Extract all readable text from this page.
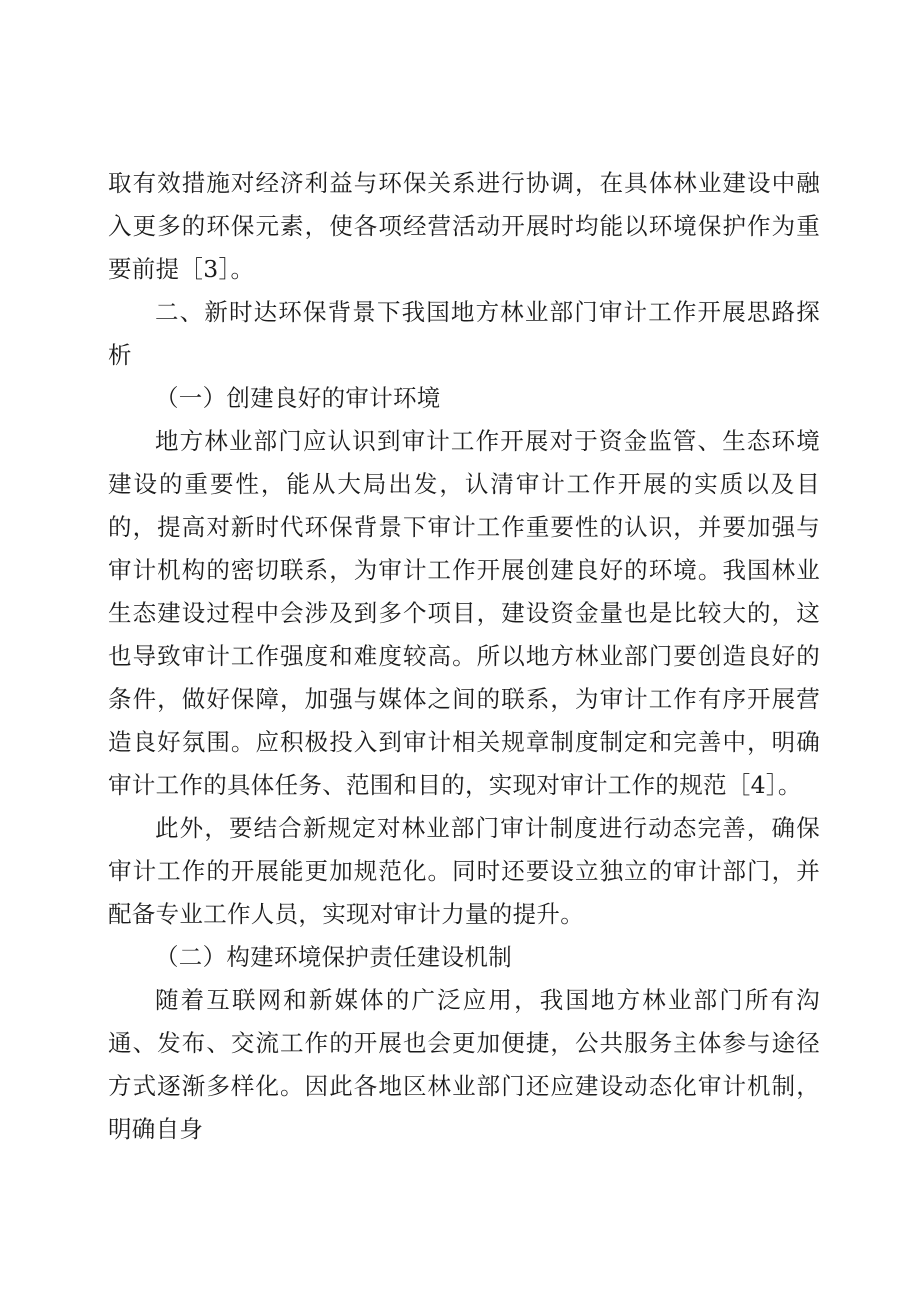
取有效措施对经济利益与环保关系进行协调，在具体林业建设中融入更多的环保元素，使各项经营活动开展时均能以环境保护作为重要前提［3］。

二、新时达环保背景下我国地方林业部门审计工作开展思路探析

（一）创建良好的审计环境

地方林业部门应认识到审计工作开展对于资金监管、生态环境建设的重要性，能从大局出发，认清审计工作开展的实质以及目的，提高对新时代环保背景下审计工作重要性的认识，并要加强与审计机构的密切联系，为审计工作开展创建良好的环境。我国林业生态建设过程中会涉及到多个项目，建设资金量也是比较大的，这也导致审计工作强度和难度较高。所以地方林业部门要创造良好的条件，做好保障，加强与媒体之间的联系，为审计工作有序开展营造良好氛围。应积极投入到审计相关规章制度制定和完善中，明确审计工作的具体任务、范围和目的，实现对审计工作的规范［4］。

此外，要结合新规定对林业部门审计制度进行动态完善，确保审计工作的开展能更加规范化。同时还要设立独立的审计部门，并配备专业工作人员，实现对审计力量的提升。

（二）构建环境保护责任建设机制

随着互联网和新媒体的广泛应用，我国地方林业部门所有沟通、发布、交流工作的开展也会更加便捷，公共服务主体参与途径方式逐渐多样化。因此各地区林业部门还应建设动态化审计机制，明确自身
